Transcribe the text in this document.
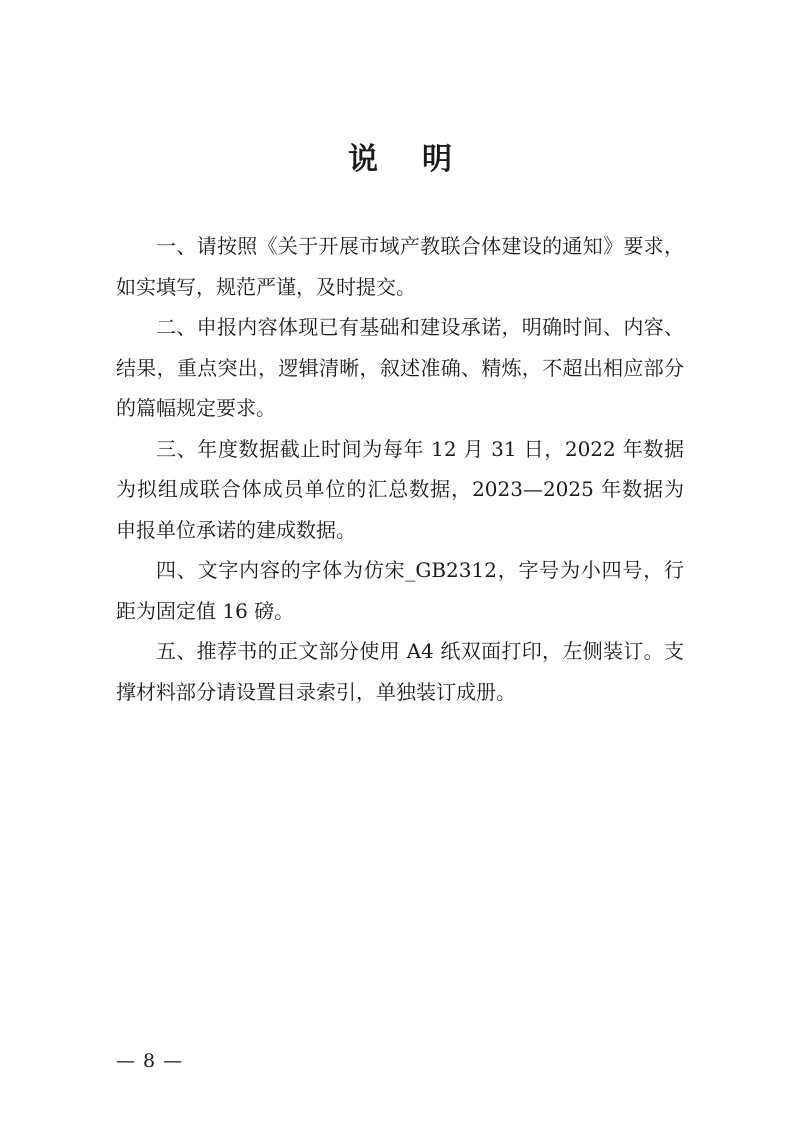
说 明

一、请按照《关于开展市域产教联合体建设的通知》要求，如实填写，规范严谨，及时提交。

二、申报内容体现已有基础和建设承诺，明确时间、内容、结果，重点突出，逻辑清晰，叙述准确、精炼，不超出相应部分的篇幅规定要求。

三、年度数据截止时间为每年 12 月 31 日，2022 年数据为拟组成联合体成员单位的汇总数据，2023—2025 年数据为申报单位承诺的建成数据。

四、文字内容的字体为仿宋_GB2312，字号为小四号，行距为固定值 16 磅。

五、推荐书的正文部分使用 A4 纸双面打印，左侧装订。支撑材料部分请设置目录索引，单独装订成册。

— 8 —
